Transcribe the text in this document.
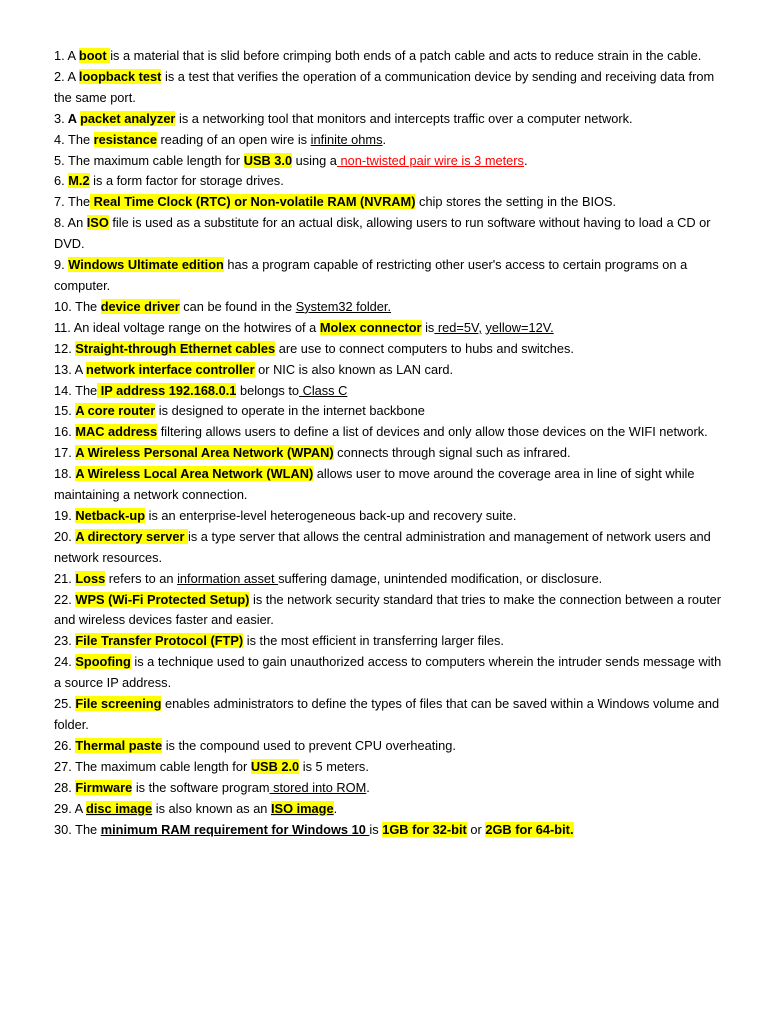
1. A boot is a material that is slid before crimping both ends of a patch cable and acts to reduce strain in the cable.

2. A loopback test is a test that verifies the operation of a communication device by sending and receiving data from the same port.

3. A packet analyzer is a networking tool that monitors and intercepts traffic over a computer network.

4. The resistance reading of an open wire is infinite ohms.

5. The maximum cable length for USB 3.0 using a non-twisted pair wire is 3 meters.

6. M.2 is a form factor for storage drives.

7. The Real Time Clock (RTC) or Non-volatile RAM (NVRAM) chip stores the setting in the BIOS.

8. An ISO file is used as a substitute for an actual disk, allowing users to run software without having to load a CD or DVD.

9. Windows Ultimate edition has a program capable of restricting other user's access to certain programs on a computer.

10. The device driver can be found in the System32 folder.

11. An ideal voltage range on the hotwires of a Molex connector is red=5V, yellow=12V.

12. Straight-through Ethernet cables are use to connect computers to hubs and switches.

13. A network interface controller or NIC is also known as LAN card.

14. The IP address 192.168.0.1 belongs to Class C

15. A core router is designed to operate in the internet backbone

16. MAC address filtering allows users to define a list of devices and only allow those devices on the WIFI network.

17. A Wireless Personal Area Network (WPAN) connects through signal such as infrared.

18. A Wireless Local Area Network (WLAN) allows user to move around the coverage area in line of sight while maintaining a network connection.

19. Netback-up is an enterprise-level heterogeneous back-up and recovery suite.

20. A directory server is a type server that allows the central administration and management of network users and network resources.

21. Loss refers to an information asset suffering damage, unintended modification, or disclosure.

22. WPS (Wi-Fi Protected Setup) is the network security standard that tries to make the connection between a router and wireless devices faster and easier.

23. File Transfer Protocol (FTP) is the most efficient in transferring larger files.

24. Spoofing is a technique used to gain unauthorized access to computers wherein the intruder sends message with a source IP address.

25. File screening enables administrators to define the types of files that can be saved within a Windows volume and folder.

26. Thermal paste is the compound used to prevent CPU overheating.

27. The maximum cable length for USB 2.0 is 5 meters.

28. Firmware is the software program stored into ROM.

29. A disc image is also known as an ISO image.

30. The minimum RAM requirement for Windows 10 is 1GB for 32-bit or 2GB for 64-bit.
